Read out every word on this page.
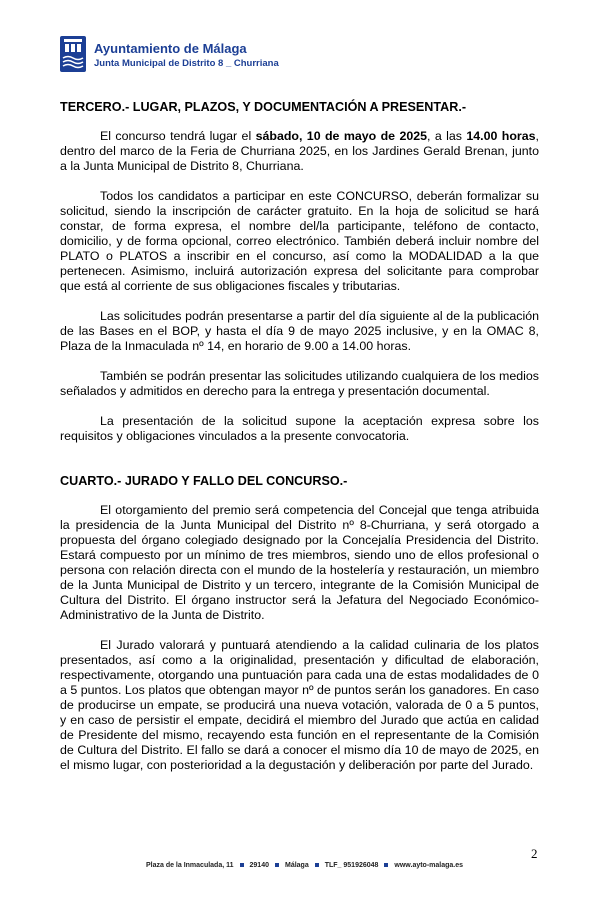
Ayuntamiento de Málaga
Junta Municipal de Distrito 8 _ Churriana

TERCERO.- LUGAR, PLAZOS, Y DOCUMENTACIÓN A PRESENTAR.-

El concurso tendrá lugar el sábado, 10 de mayo de 2025, a las 14.00 horas, dentro del marco de la Feria de Churriana 2025, en los Jardines Gerald Brenan, junto a la Junta Municipal de Distrito 8, Churriana.

Todos los candidatos a participar en este CONCURSO, deberán formalizar su solicitud, siendo la inscripción de carácter gratuito. En la hoja de solicitud se hará constar, de forma expresa, el nombre del/la participante, teléfono de contacto, domicilio, y de forma opcional, correo electrónico. También deberá incluir nombre del PLATO o PLATOS a inscribir en el concurso, así como la MODALIDAD a la que pertenecen. Asimismo, incluirá autorización expresa del solicitante para comprobar que está al corriente de sus obligaciones fiscales y tributarias.

Las solicitudes podrán presentarse a partir del día siguiente al de la publicación de las Bases en el BOP, y hasta el día 9 de mayo 2025 inclusive, y en la OMAC 8, Plaza de la Inmaculada nº 14, en horario de 9.00 a 14.00 horas.

También se podrán presentar las solicitudes utilizando cualquiera de los medios señalados y admitidos en derecho para la entrega y presentación documental.

La presentación de la solicitud supone la aceptación expresa sobre los requisitos y obligaciones vinculados a la presente convocatoria.

CUARTO.- JURADO Y FALLO DEL CONCURSO.-

El otorgamiento del premio será competencia del Concejal que tenga atribuida la presidencia de la Junta Municipal del Distrito nº 8-Churriana, y será otorgado a propuesta del órgano colegiado designado por la Concejalía Presidencia del Distrito. Estará compuesto por un mínimo de tres miembros, siendo uno de ellos profesional o persona con relación directa con el mundo de la hostelería y restauración, un miembro de la Junta Municipal de Distrito y un tercero, integrante de la Comisión Municipal de Cultura del Distrito. El órgano instructor será la Jefatura del Negociado Económico-Administrativo de la Junta de Distrito.

El Jurado valorará y puntuará atendiendo a la calidad culinaria de los platos presentados, así como a la originalidad, presentación y dificultad de elaboración, respectivamente, otorgando una puntuación para cada una de estas modalidades de 0 a 5 puntos. Los platos que obtengan mayor nº de puntos serán los ganadores. En caso de producirse un empate, se producirá una nueva votación, valorada de 0 a 5 puntos, y en caso de persistir el empate, decidirá el miembro del Jurado que actúa en calidad de Presidente del mismo, recayendo esta función en el representante de la Comisión de Cultura del Distrito. El fallo se dará a conocer el mismo día 10 de mayo de 2025, en el mismo lugar, con posterioridad a la degustación y deliberación por parte del Jurado.

2
Plaza de la Inmaculada, 11 29140 Málaga TLF_ 951926048 www.ayto-malaga.es
